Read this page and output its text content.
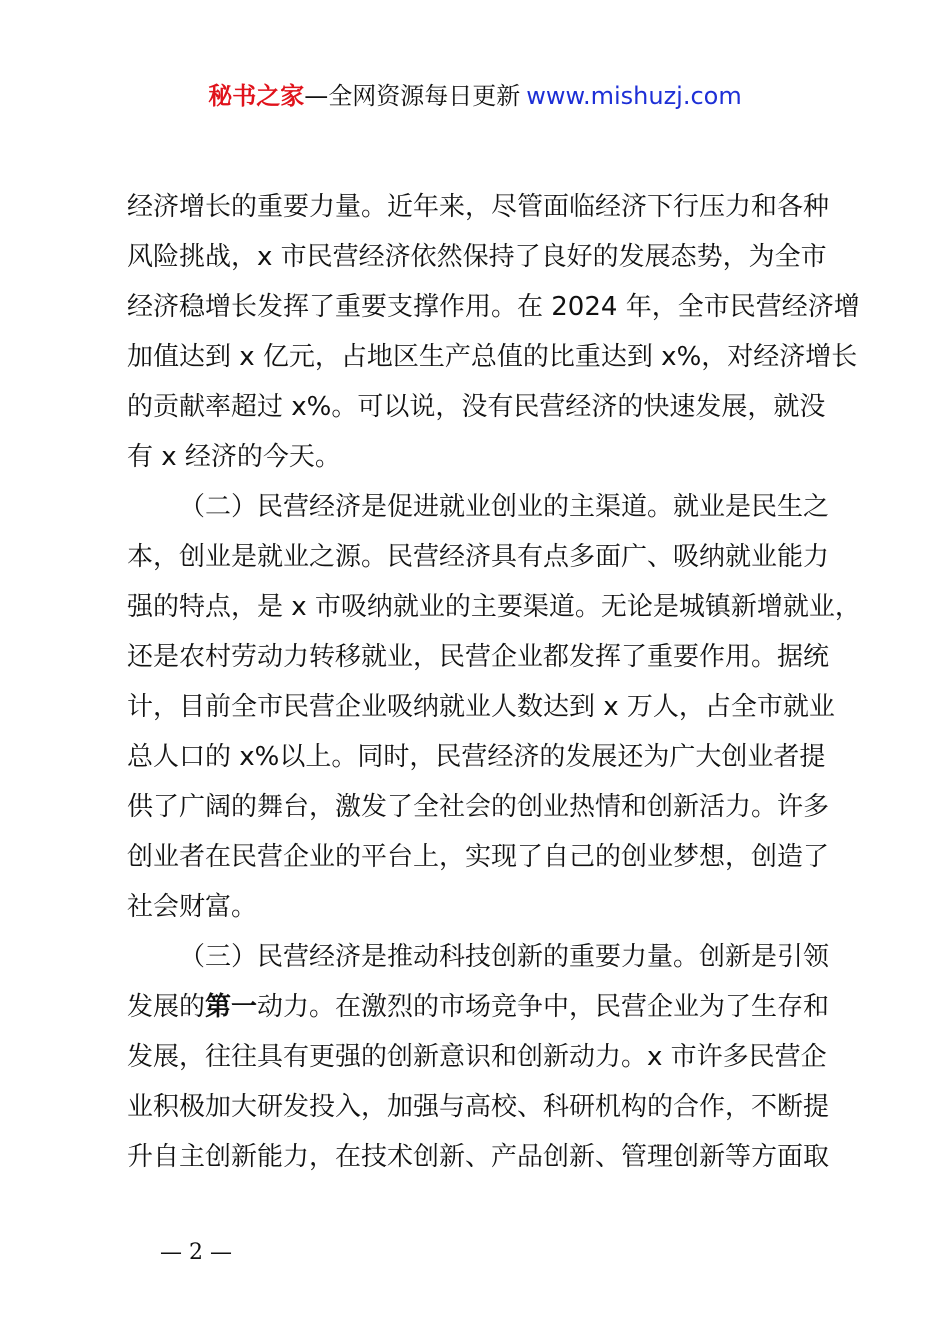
秘书之家—全网资源每日更新 www.mishuzj.com

经济增长的重要力量。近年来，尽管面临经济下行压力和各种

风险挑战，x 市民营经济依然保持了良好的发展态势，为全市

经济稳增长发挥了重要支撑作用。在 2024 年，全市民营经济增

加值达到 x 亿元，占地区生产总值的比重达到 x%，对经济增长

的贡献率超过 x%。可以说，没有民营经济的快速发展，就没

有 x 经济的今天。

（二）民营经济是促进就业创业的主渠道。就业是民生之

本，创业是就业之源。民营经济具有点多面广、吸纳就业能力

强的特点，是 x 市吸纳就业的主要渠道。无论是城镇新增就业，

还是农村劳动力转移就业，民营企业都发挥了重要作用。据统

计，目前全市民营企业吸纳就业人数达到 x 万人，占全市就业

总人口的 x%以上。同时，民营经济的发展还为广大创业者提

供了广阔的舞台，激发了全社会的创业热情和创新活力。许多

创业者在民营企业的平台上，实现了自己的创业梦想，创造了

社会财富。

（三）民营经济是推动科技创新的重要力量。创新是引领

发展的第一动力。在激烈的市场竞争中，民营企业为了生存和

发展，往往具有更强的创新意识和创新动力。x 市许多民营企

业积极加大研发投入，加强与高校、科研机构的合作，不断提

升自主创新能力，在技术创新、产品创新、管理创新等方面取

— 2 —
